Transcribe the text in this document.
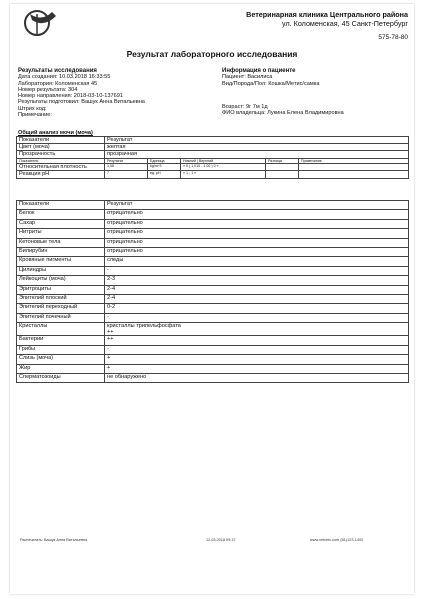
Ветеринарная клиника Центрального района
ул. Коломенская, 45 Санкт-Петербург
575-78-80
Результат лабораторного исследования
Результаты исследования
Дата создания: 10.03.2018 16:33:55
Лаборатория: Коломенская 45
Номер результата: 304
Номер направления: 2018-03-10-137691
Результаты подготовил: Вашук Анна Витальевна
Штрих код:
Примечание:
Информация о пациенте
Пациент: Василиса
Вид/Порода/Пол: Кошка/Метис/самка
Возраст: 9г 7м 1д
ФИО владельца: Лукина Елена Владимировна
Общий анализ мочи (моча)
Показатели	Результат				
Цвет (моча)	желтая				
Прозрачность	прозрачная				
Показатели	Результат	Единица	Нижний | Верхний	Разница	Примечание
Относительная плотность	1,06	kg/m^3	« 0 ( 1,010 - 1,00 ) 0 »		
Реакция рН	7	ед. рН	« 1 - 1 »		
Показатели	Результат
Белок	отрицательно
Сахар	отрицательно
Нитриты	отрицательно
Кетоновые тела	отрицательно
Билирубин	отрицательно
Кровяные пигменты	следы
Цилиндры	-
Лейкоциты (моча)	2-3
Эритроциты	2-4
Эпителий плоский	2-4
Эпителий переходный	0-2
Эпителий почечный	-
Кристаллы	кристаллы трипельфосфата
++
Бактерии	++
Грибы	-
Слизь (моча)	+
Жир	+
Сперматозоиды	не обнаружено
Распечатать: Вашук Анна Витальевна	12.03.2018 09:37	www.vetvetc.com (81)123-1400
